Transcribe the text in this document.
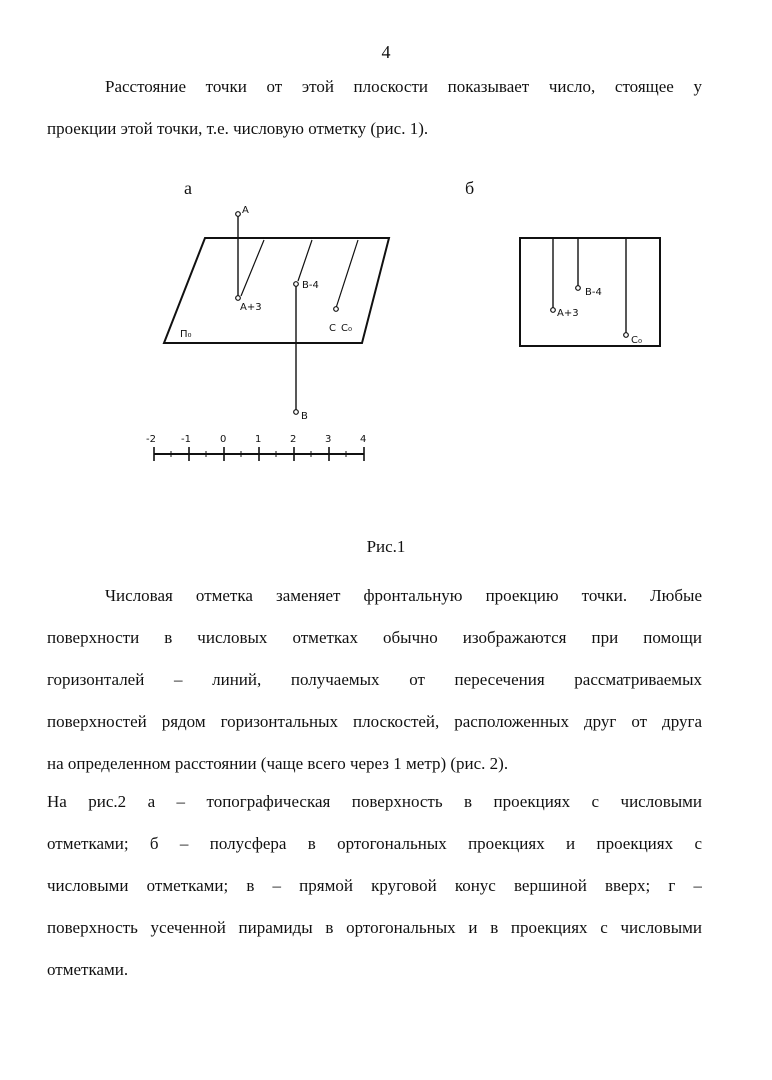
4
Расстояние точки от этой плоскости показывает число, стоящее у
проекции этой точки, т.е. числовую отметку (рис. 1).
а	б
A
A+3
B-4
B
C C₀
П₀
-2	-1	0	1	2	3	4
A+3
B-4
C₀
Рис.1
Числовая отметка заменяет фронтальную проекцию точки. Любые
поверхности в числовых отметках обычно изображаются при помощи
горизонталей – линий, получаемых от пересечения рассматриваемых
поверхностей рядом горизонтальных плоскостей, расположенных друг от друга
на определенном расстоянии (чаще всего через 1 метр) (рис. 2).
На рис.2 а – топографическая поверхность в проекциях с числовыми
отметками; б – полусфера в ортогональных проекциях и проекциях с
числовыми отметками; в – прямой круговой конус вершиной вверх; г –
поверхность усеченной пирамиды в ортогональных и в проекциях с числовыми
отметками.
